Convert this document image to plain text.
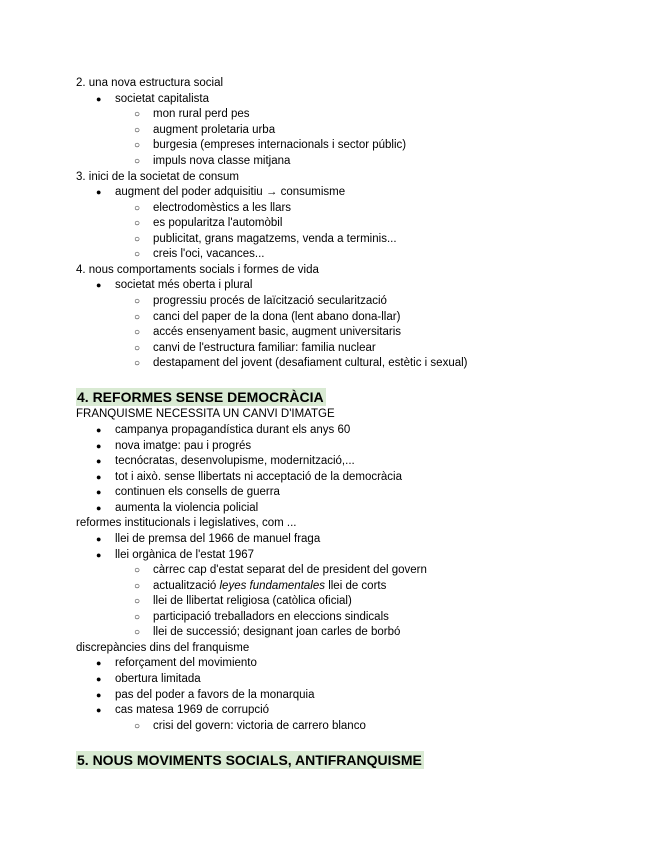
2. una nova estructura social
● societat capitalista
○ mon rural perd pes
○ augment proletaria urba
○ burgesia (empreses internacionals i sector públic)
○ impuls nova classe mitjana
3. inici de la societat de consum
● augment del poder adquisitiu → consumisme
○ electrodomèstics a les llars
○ es popularitza l'automòbil
○ publicitat, grans magatzems, venda a terminis...
○ creis l'oci, vacances...
4. nous comportaments socials i formes de vida
● societat més oberta i plural
○ progressiu procés de laïcització secularització
○ canci del paper de la dona (lent abano dona-llar)
○ accés ensenyament basic, augment universitaris
○ canvi de l'estructura familiar: familia nuclear
○ destapament del jovent (desafiament cultural, estètic i sexual)
4. REFORMES SENSE DEMOCRÀCIA
FRANQUISME NECESSITA UN CANVI D'IMATGE
● campanya propagandística durant els anys 60
● nova imatge: pau i progrés
● tecnócratas, desenvolupisme, modernització,...
● tot i això. sense llibertats ni acceptació de la democràcia
● continuen els consells de guerra
● aumenta la violencia policial
reformes institucionals i legislatives, com ...
● llei de premsa del 1966 de manuel fraga
● llei orgànica de l'estat 1967
○ càrrec cap d'estat separat del de president del govern
○ actualització leyes fundamentales llei de corts
○ llei de llibertat religiosa (catòlica oficial)
○ participació treballadors en eleccions sindicals
○ llei de successió; designant joan carles de borbó
discrepàncies dins del franquisme
● reforçament del movimiento
● obertura limitada
● pas del poder a favors de la monarquia
● cas matesa 1969 de corrupció
○ crisi del govern: victoria de carrero blanco
5. NOUS MOVIMENTS SOCIALS, ANTIFRANQUISME
